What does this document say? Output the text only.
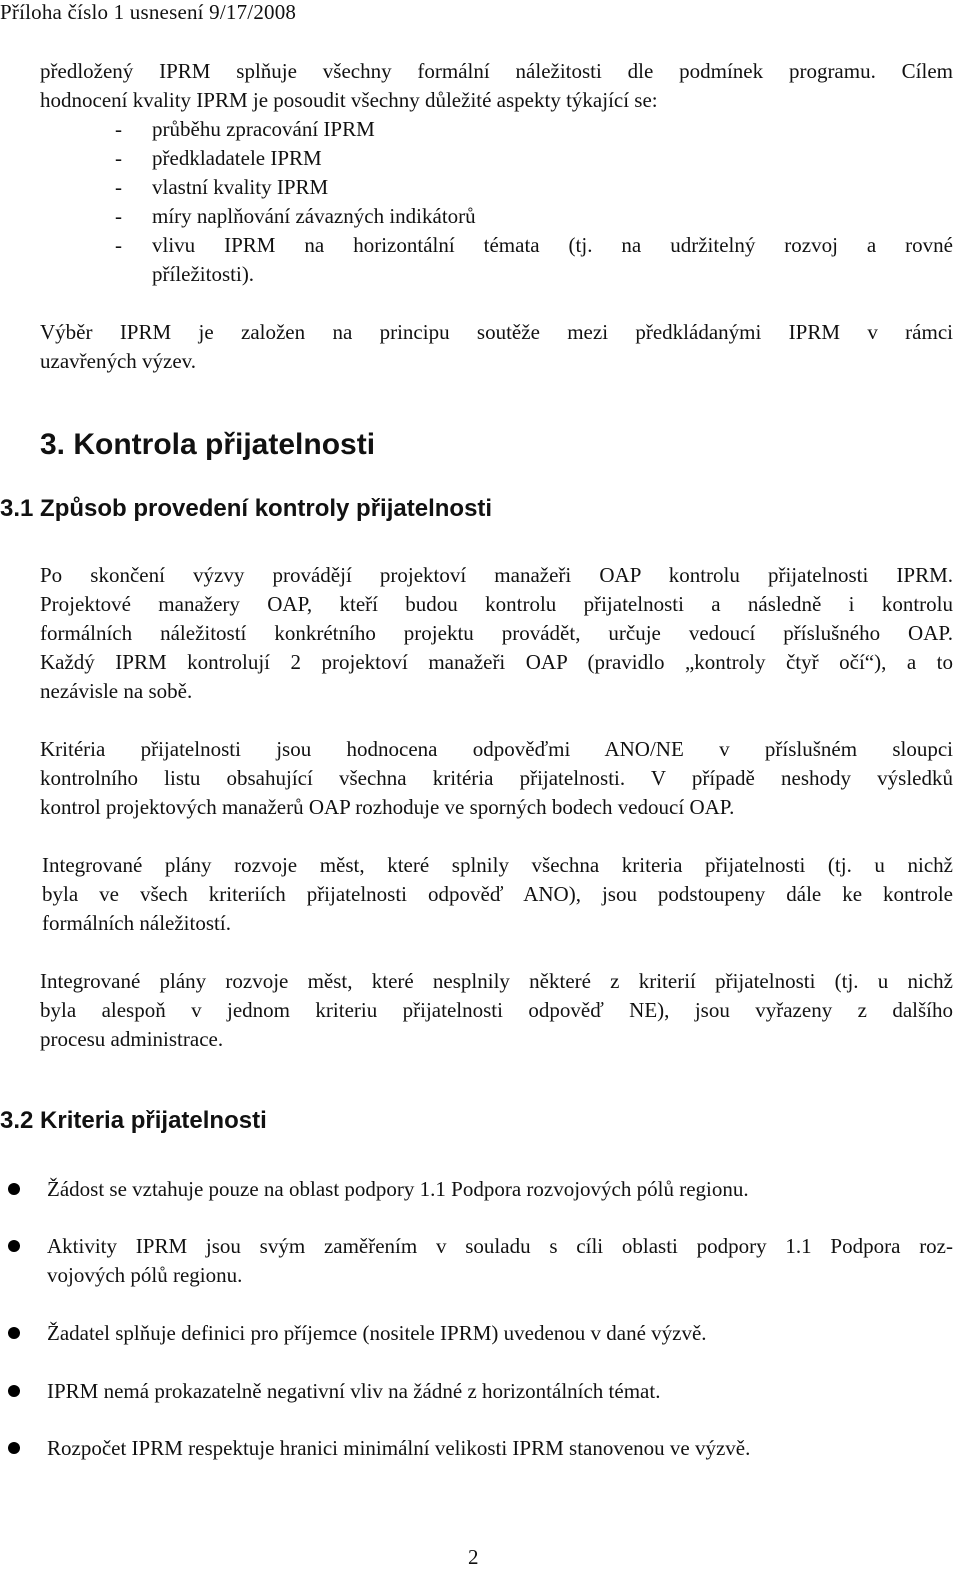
Příloha číslo 1 usnesení 9/17/2008
předložený IPRM splňuje všechny formální náležitosti dle podmínek programu. Cílem
hodnocení kvality IPRM je posoudit všechny důležité aspekty týkající se:
- průběhu zpracování IPRM
- předkladatele IPRM
- vlastní kvality IPRM
- míry naplňování závazných indikátorů
- vlivu IPRM na horizontální témata (tj. na udržitelný rozvoj a rovné
příležitosti).
Výběr IPRM je založen na principu soutěže mezi předkládanými IPRM v rámci
uzavřených výzev.
3. Kontrola přijatelnosti
3.1 Způsob provedení kontroly přijatelnosti
Po skončení výzvy provádějí projektoví manažeři OAP kontrolu přijatelnosti IPRM.
Projektové manažery OAP, kteří budou kontrolu přijatelnosti a následně i kontrolu
formálních náležitostí konkrétního projektu provádět, určuje vedoucí příslušného OAP.
Každý IPRM kontrolují 2 projektoví manažeři OAP (pravidlo „kontroly čtyř očí“), a to
nezávisle na sobě.
Kritéria přijatelnosti jsou hodnocena odpověďmi ANO/NE v příslušném sloupci
kontrolního listu obsahující všechna kritéria přijatelnosti. V případě neshody výsledků
kontrol projektových manažerů OAP rozhoduje ve sporných bodech vedoucí OAP.
Integrované plány rozvoje měst, které splnily všechna kriteria přijatelnosti (tj. u nichž
byla ve všech kriteriích přijatelnosti odpověď ANO), jsou podstoupeny dále ke kontrole
formálních náležitostí.
Integrované plány rozvoje měst, které nesplnily některé z kriterií přijatelnosti (tj. u nichž
byla alespoň v jednom kriteriu přijatelnosti odpověď NE), jsou vyřazeny z dalšího
procesu administrace.
3.2 Kriteria přijatelnosti
Žádost se vztahuje pouze na oblast podpory 1.1 Podpora rozvojových pólů regionu.
Aktivity IPRM jsou svým zaměřením v souladu s cíli oblasti podpory 1.1 Podpora roz-
vojových pólů regionu.
Žadatel splňuje definici pro příjemce (nositele IPRM) uvedenou v dané výzvě.
IPRM nemá prokazatelně negativní vliv na žádné z horizontálních témat.
Rozpočet IPRM respektuje hranici minimální velikosti IPRM stanovenou ve výzvě.
2
